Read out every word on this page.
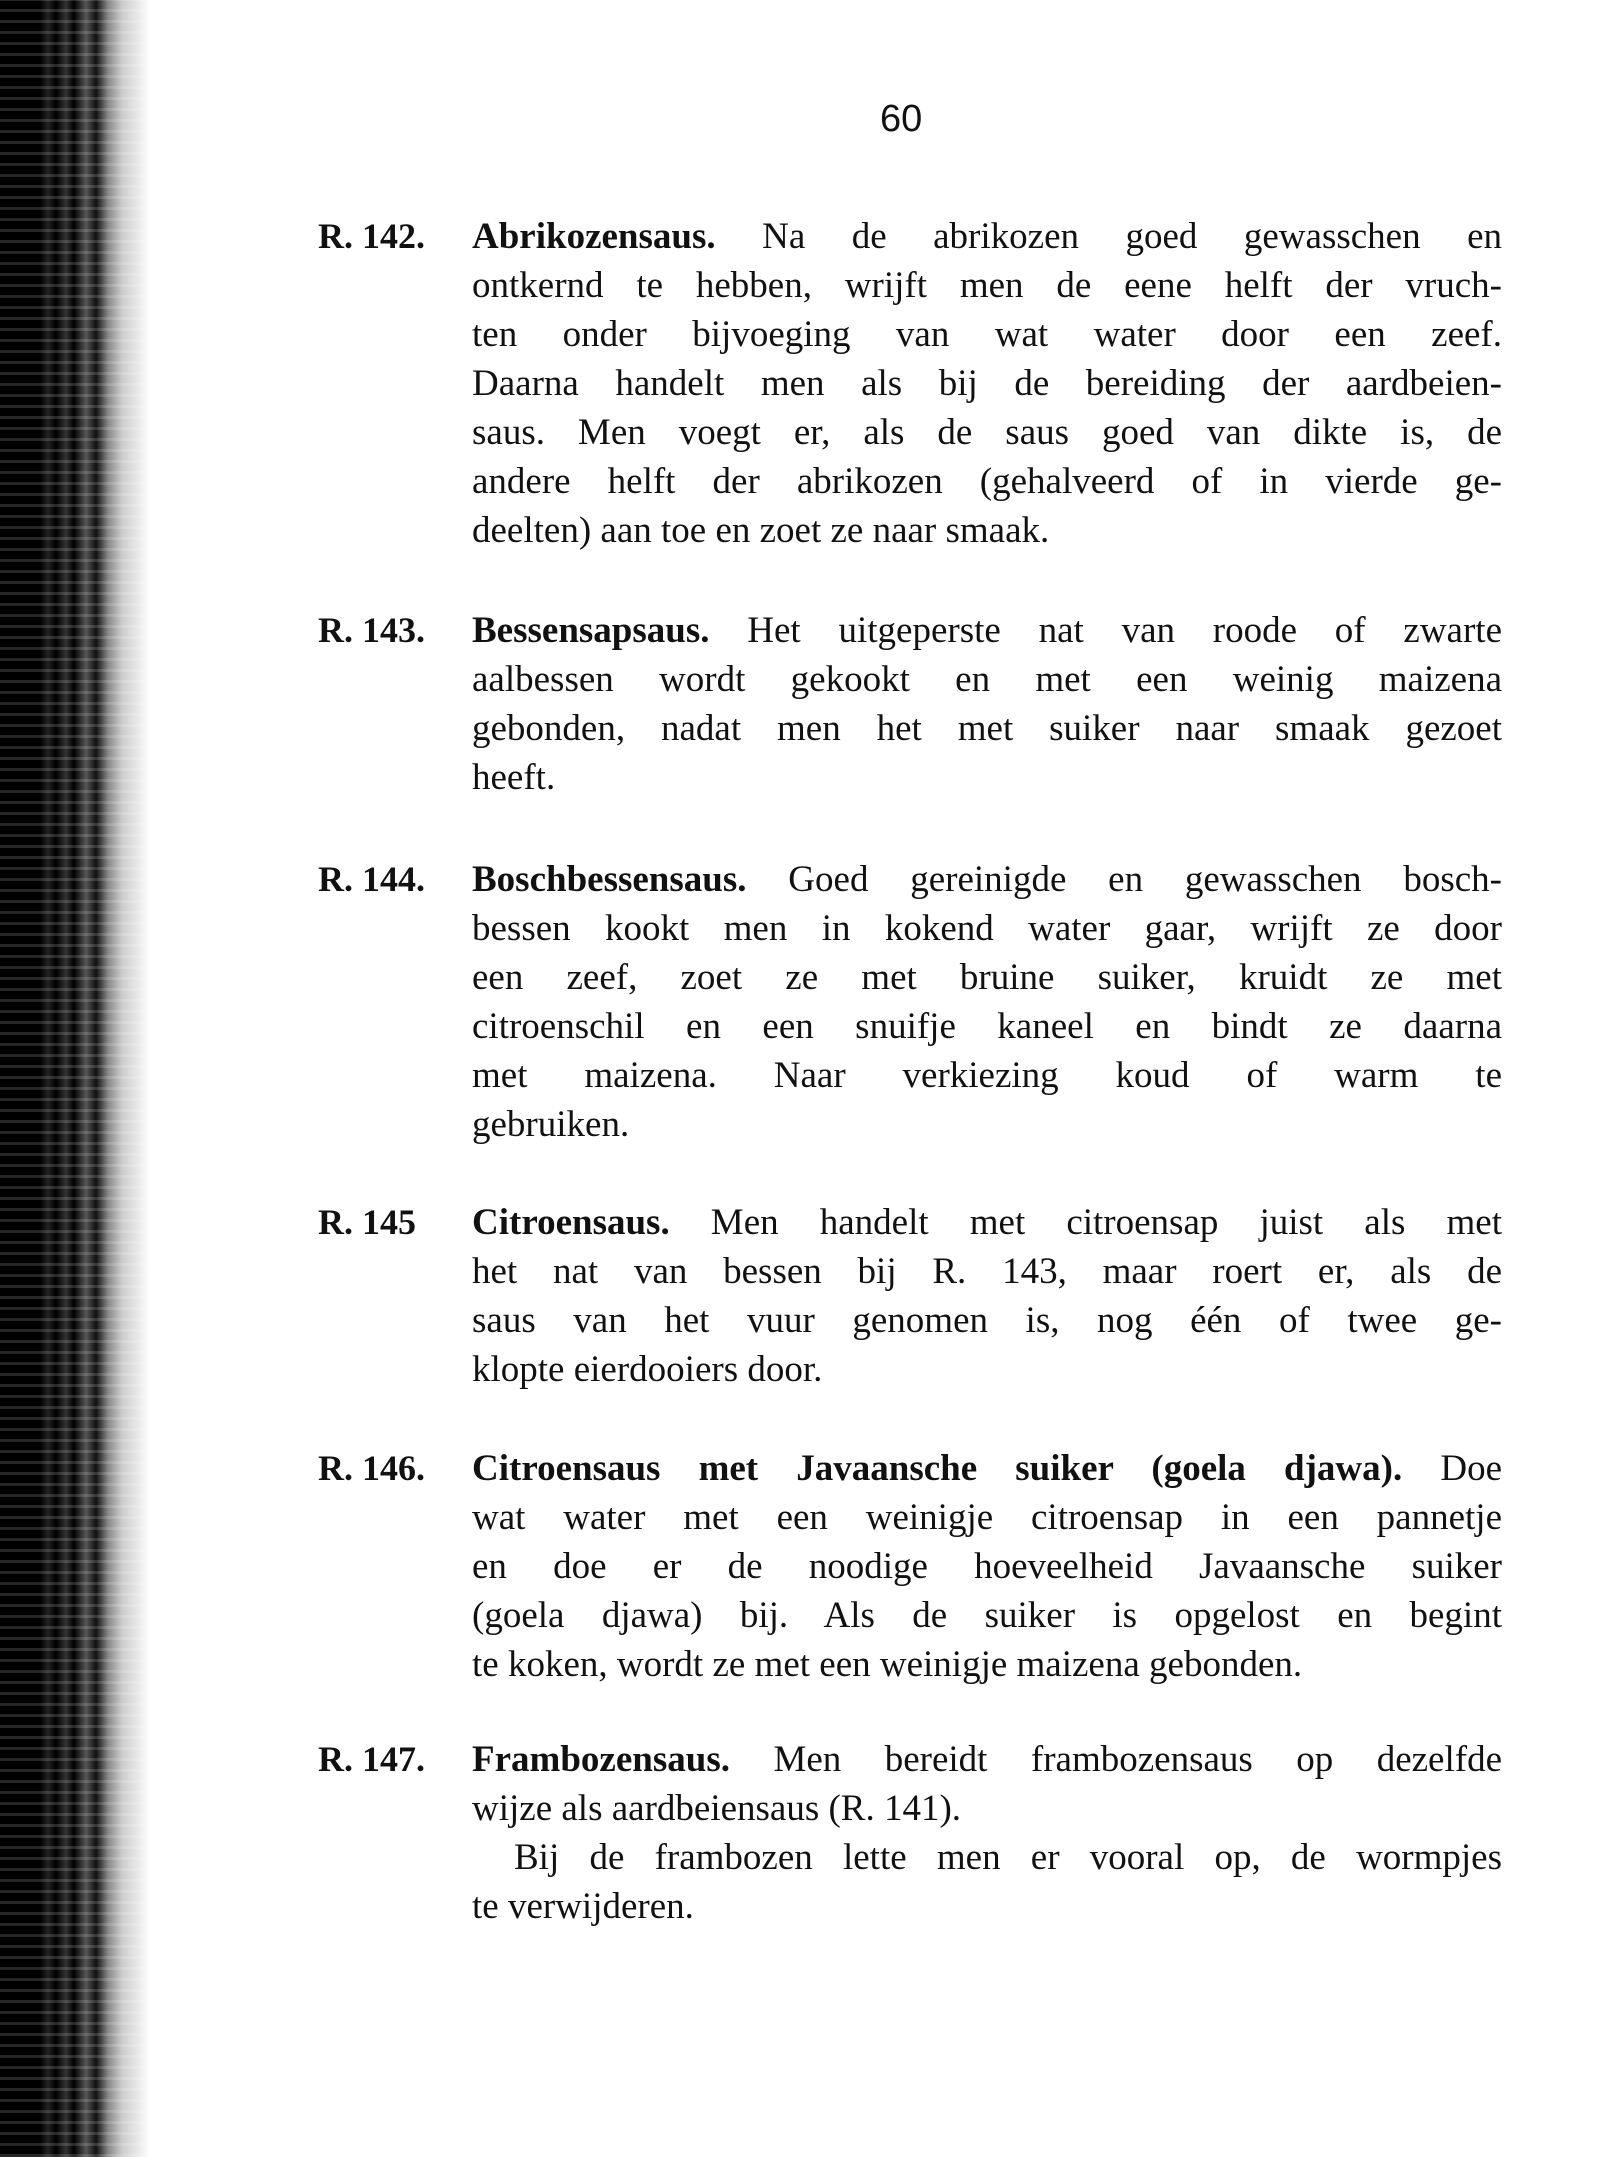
60
R. 142. Abrikozensaus. Na de abrikozen goed gewasschen en
ontkernd te hebben, wrijft men de eene helft der vruch-
ten onder bijvoeging van wat water door een zeef.
Daarna handelt men als bij de bereiding der aardbeien-
saus. Men voegt er, als de saus goed van dikte is, de
andere helft der abrikozen (gehalveerd of in vierde ge-
deelten) aan toe en zoet ze naar smaak.
R. 143. Bessensapsaus. Het uitgeperste nat van roode of zwarte
aalbessen wordt gekookt en met een weinig maizena
gebonden, nadat men het met suiker naar smaak gezoet
heeft.
R. 144. Boschbessensaus. Goed gereinigde en gewasschen bosch-
bessen kookt men in kokend water gaar, wrijft ze door
een zeef, zoet ze met bruine suiker, kruidt ze met
citroenschil en een snuifje kaneel en bindt ze daarna
met maizena. Naar verkiezing koud of warm te
gebruiken.
R. 145 Citroensaus. Men handelt met citroensap juist als met
het nat van bessen bij R. 143, maar roert er, als de
saus van het vuur genomen is, nog één of twee ge-
klopte eierdooiers door.
R. 146. Citroensaus met Javaansche suiker (goela djawa). Doe
wat water met een weinigje citroensap in een pannetje
en doe er de noodige hoeveelheid Javaansche suiker
(goela djawa) bij. Als de suiker is opgelost en begint
te koken, wordt ze met een weinigje maizena gebonden.
R. 147. Frambozensaus. Men bereidt frambozensaus op dezelfde
wijze als aardbeiensaus (R. 141).
Bij de frambozen lette men er vooral op, de wormpjes
te verwijderen.
